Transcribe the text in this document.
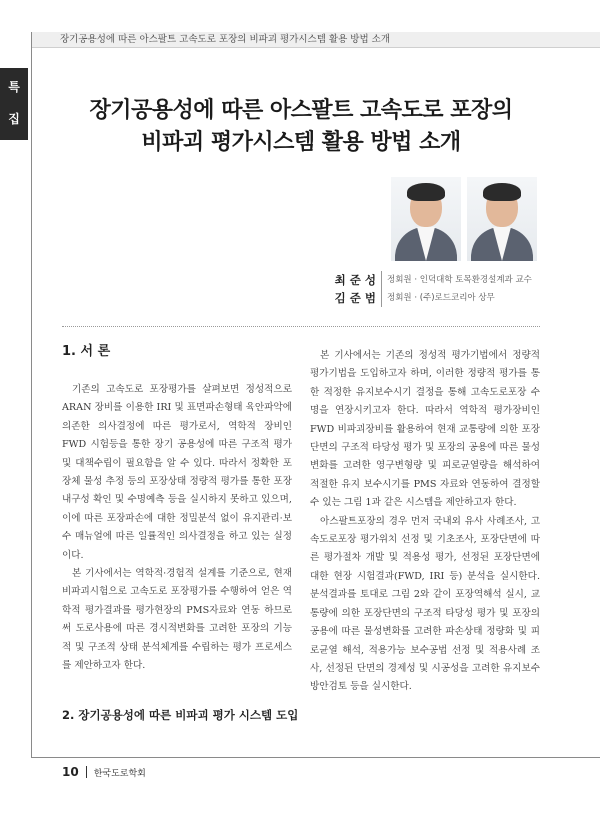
장기공용성에 따른 아스팔트 고속도로 포장의 비파괴 평가시스템 활용 방법 소개
특
집	장기공용성에 따른 아스팔트 고속도로 포장의
비파괴 평가시스템 활용 방법 소개
최 준 성
김 준 범
정회원 · 인덕대학 토목환경설계과 교수
정회원 · (주)로드코리아 상무
1. 서 론

기존의 고속도로 포장평가를 살펴보면 정성적으로 ARAN 장비를 이용한 IRI 및 표면파손형태 육안파악에 의존한 의사결정에 따른 평가로서, 역학적 장비인 FWD 시험등을 통한 장기 공용성에 따른 구조적 평가 및 대책수립이 필요함을 알 수 있다. 따라서 정확한 포장체 물성 추정 등의 포장상태 정량적 평가를 통한 포장내구성 확인 및 수명예측 등을 실시하지 못하고 있으며, 이에 따른 포장파손에 대한 정밀분석 없이 유지관리·보수 매뉴얼에 따른 일률적인 의사결정을 하고 있는 실정이다.

본 기사에서는 역학적·경험적 설계를 기준으로, 현재 비파괴시험으로 고속도로 포장평가를 수행하여 얻은 역학적 평가결과를 평가현장의 PMS자료와 연동 하므로써 도로사용에 따른 경시적변화를 고려한 포장의 기능적 및 구조적 상태 분석체계를 수립하는 평가 프로세스를 제안하고자 한다.

2. 장기공용성에 따른 비파괴 평가 시스템 도입

본 기사에서는 기존의 정성적 평가기법에서 정량적 평가기법을 도입하고자 하며, 이러한 정량적 평가를 통한 적정한 유지보수시기 결정을 통해 고속도로포장 수명을 연장시키고자 한다. 따라서 역학적 평가장비인 FWD 비파괴장비를 활용하여 현재 교통량에 의한 포장단면의 구조적 타당성 평가 및 포장의 공용에 따른 물성변화를 고려한 영구변형량 및 피로균열량을 해석하여 적절한 유지 보수시기를 PMS 자료와 연동하여 결정할 수 있는 그림 1과 같은 시스템을 제안하고자 한다.

아스팔트포장의 경우 먼저 국내외 유사 사례조사, 고속도로포장 평가위치 선정 및 기초조사, 포장단면에 따른 평가절차 개발 및 적용성 평가, 선정된 포장단면에 대한 현장 시험결과(FWD, IRI 등) 분석을 실시한다. 분석결과를 토대로 그림 2와 같이 포장역해석 실시, 교통량에 의한 포장단면의 구조적 타당성 평가 및 포장의 공용에 따른 물성변화를 고려한 파손상태 정량화 및 피로균열 해석, 적용가능 보수공법 선정 및 적용사례 조사, 선정된 단면의 경제성 및 시공성을 고려한 유지보수 방안검토 등을 실시한다.

10 한국도로학회
